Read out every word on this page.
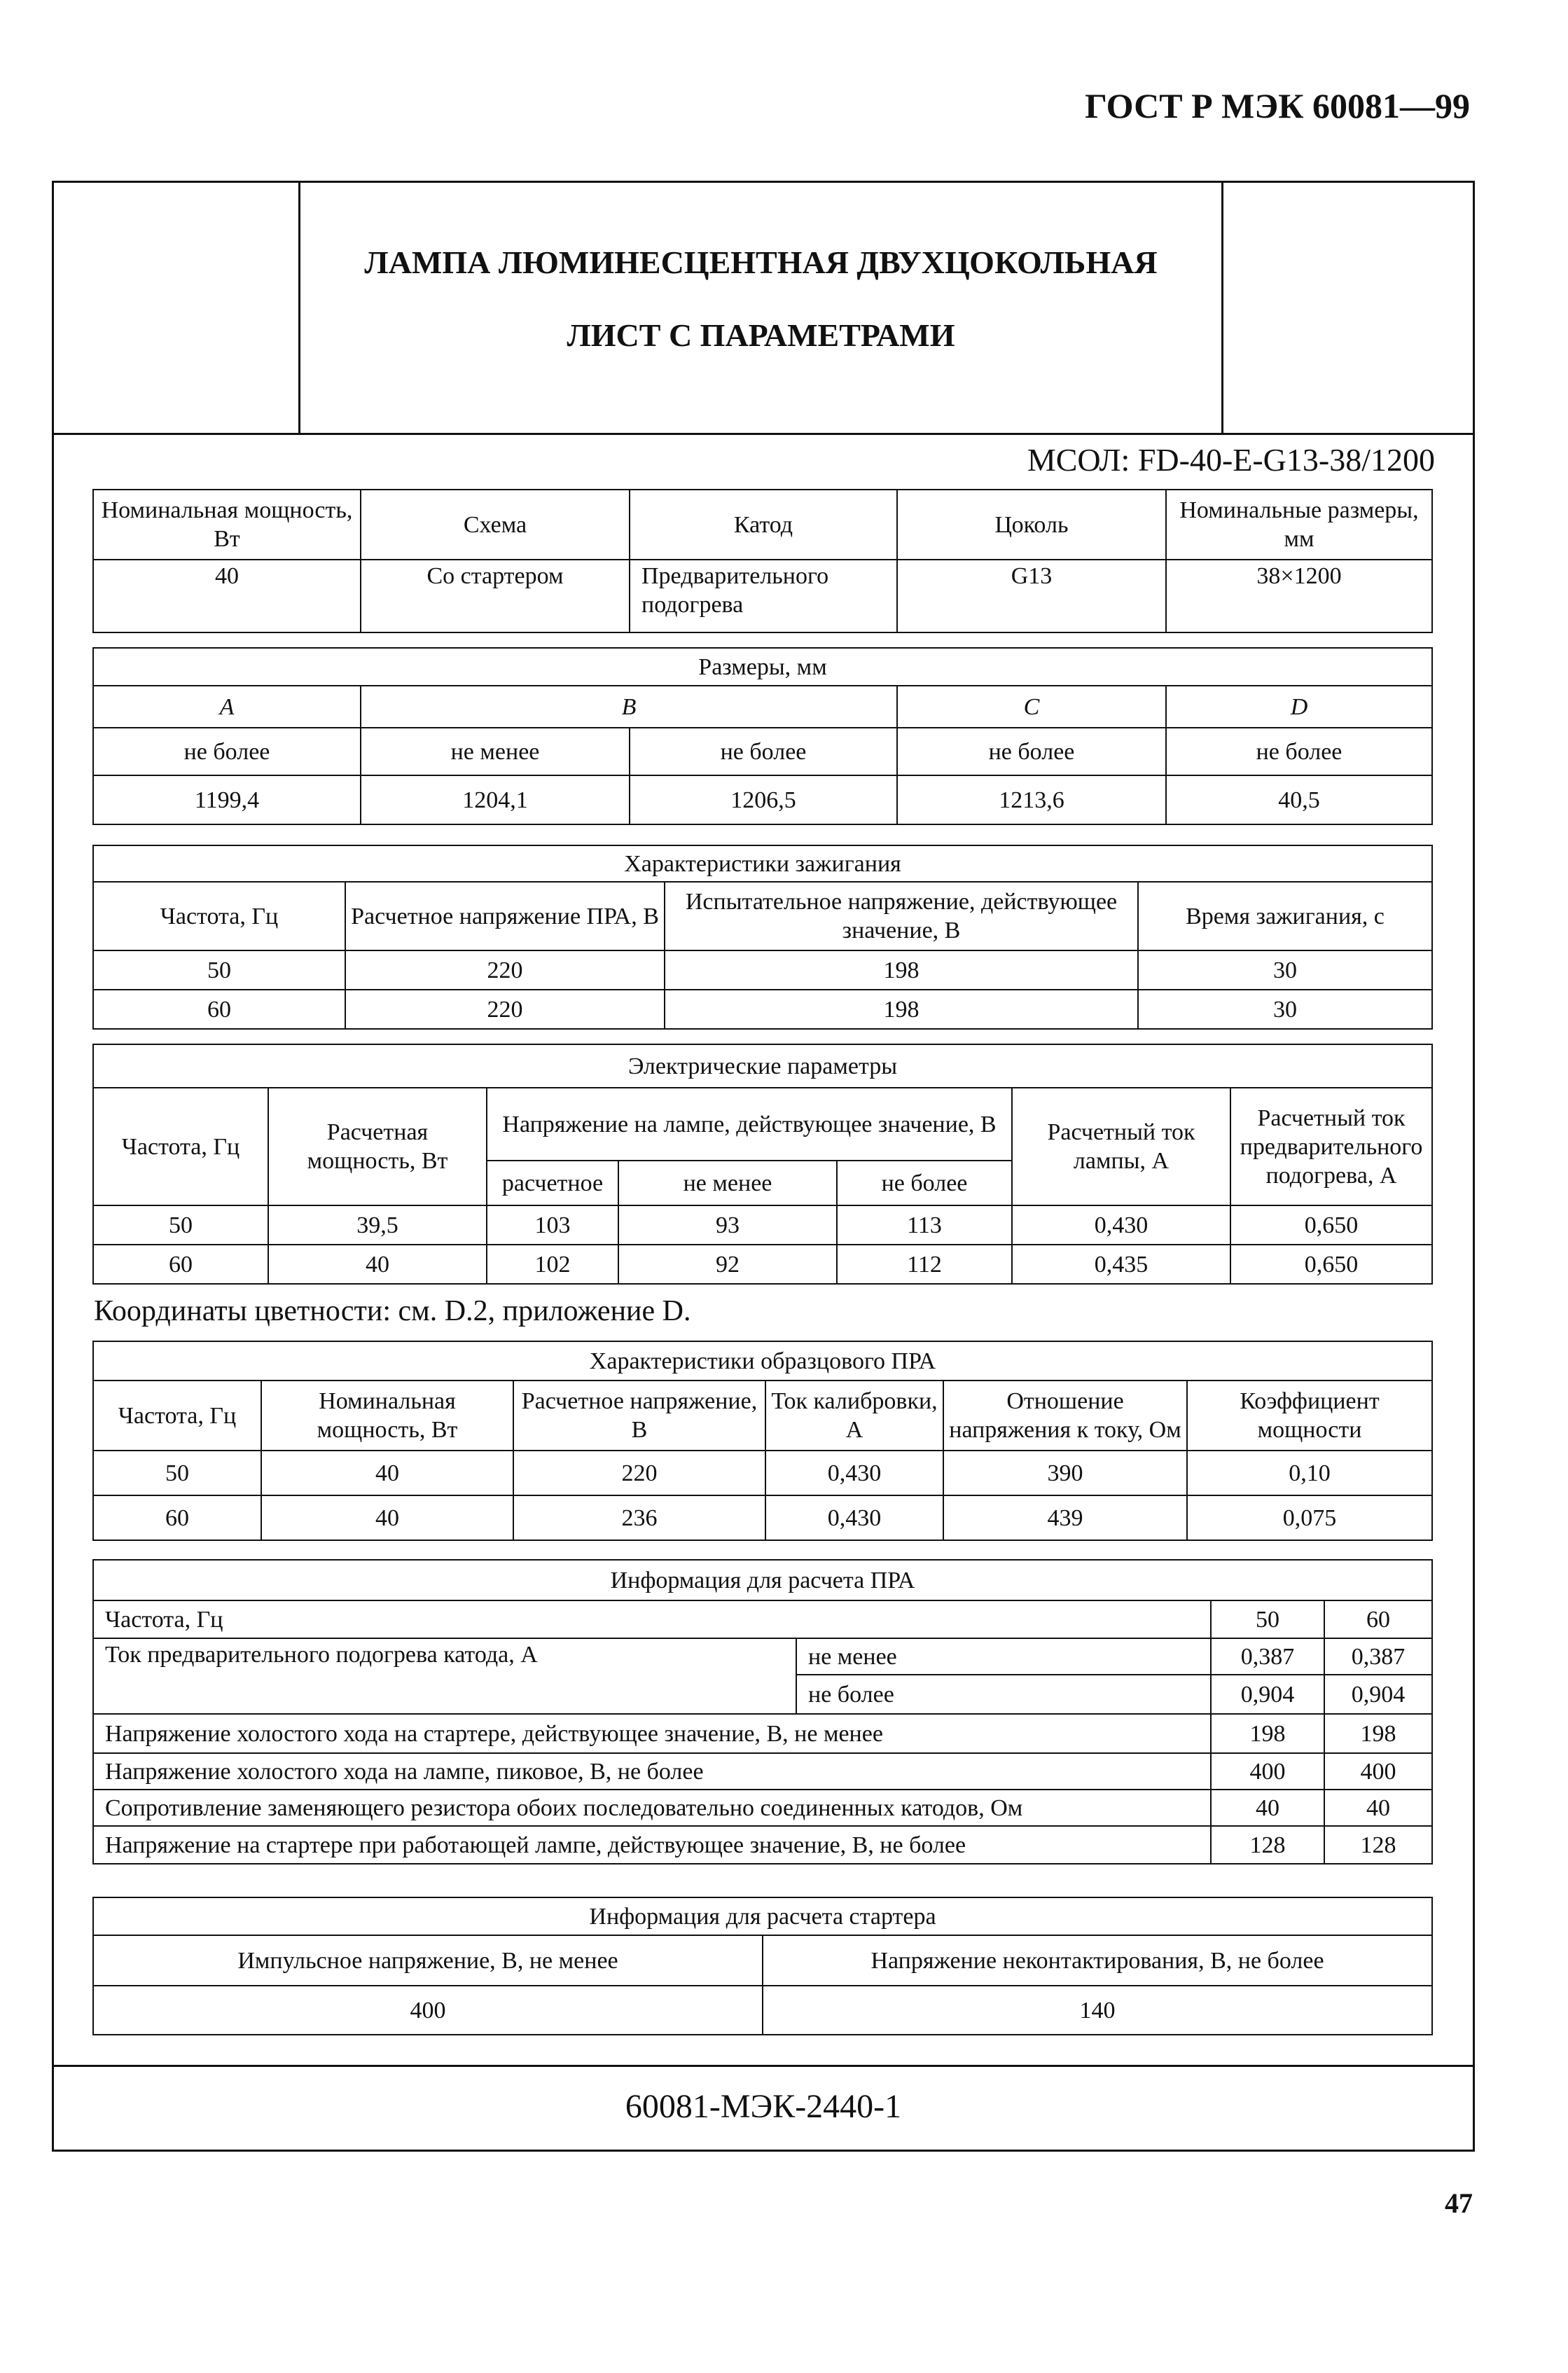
ГОСТ Р МЭК 60081—99
ЛАМПА ЛЮМИНЕСЦЕНТНАЯ ДВУХЦОКОЛЬНАЯ
ЛИСТ С ПАРАМЕТРАМИ
МСОЛ: FD-40-E-G13-38/1200
Номинальная мощность, Вт	Схема	Катод	Цоколь	Номинальные размеры, мм
40	Со стартером	Предварительного подогрева	G13	38×1200
Размеры, мм				
A	B		C	D
не более	не менее	не более	не более	не более
1199,4	1204,1	1206,5	1213,6	40,5
Характеристики зажигания			
Частота, Гц	Расчетное напряжение ПРА, В	Испытательное напряжение, действующее значение, В	Время зажигания, с
50	220	198	30
60	220	198	30
Электрические параметры						
Частота, Гц	Расчетная мощность, Вт	Напряжение на лампе, действующее значение, В			Расчетный ток лампы, А	Расчетный ток предварительного подогрева, А
		расчетное	не менее	не более		
50	39,5	103	93	113	0,430	0,650
60	40	102	92	112	0,435	0,650
Координаты цветности: см. D.2, приложение D.
Характеристики образцового ПРА					
Частота, Гц	Номинальная мощность, Вт	Расчетное напряжение, В	Ток калибровки, А	Отношение напряжения к току, Ом	Коэффициент мощности
50	40	220	0,430	390	0,10
60	40	236	0,430	439	0,075
Информация для расчета ПРА			
Частота, Гц		50	60
Ток предварительного подогрева катода, А	не менее	0,387	0,387
	не более	0,904	0,904
Напряжение холостого хода на стартере, действующее значение, В, не менее		198	198
Напряжение холостого хода на лампе, пиковое, В, не более		400	400
Сопротивление заменяющего резистора обоих последовательно соединенных катодов, Ом		40	40
Напряжение на стартере при работающей лампе, действующее значение, В, не более		128	128
Информация для расчета стартера	
Импульсное напряжение, В, не менее	Напряжение неконтактирования, В, не более
400	140
60081-МЭК-2440-1
47
